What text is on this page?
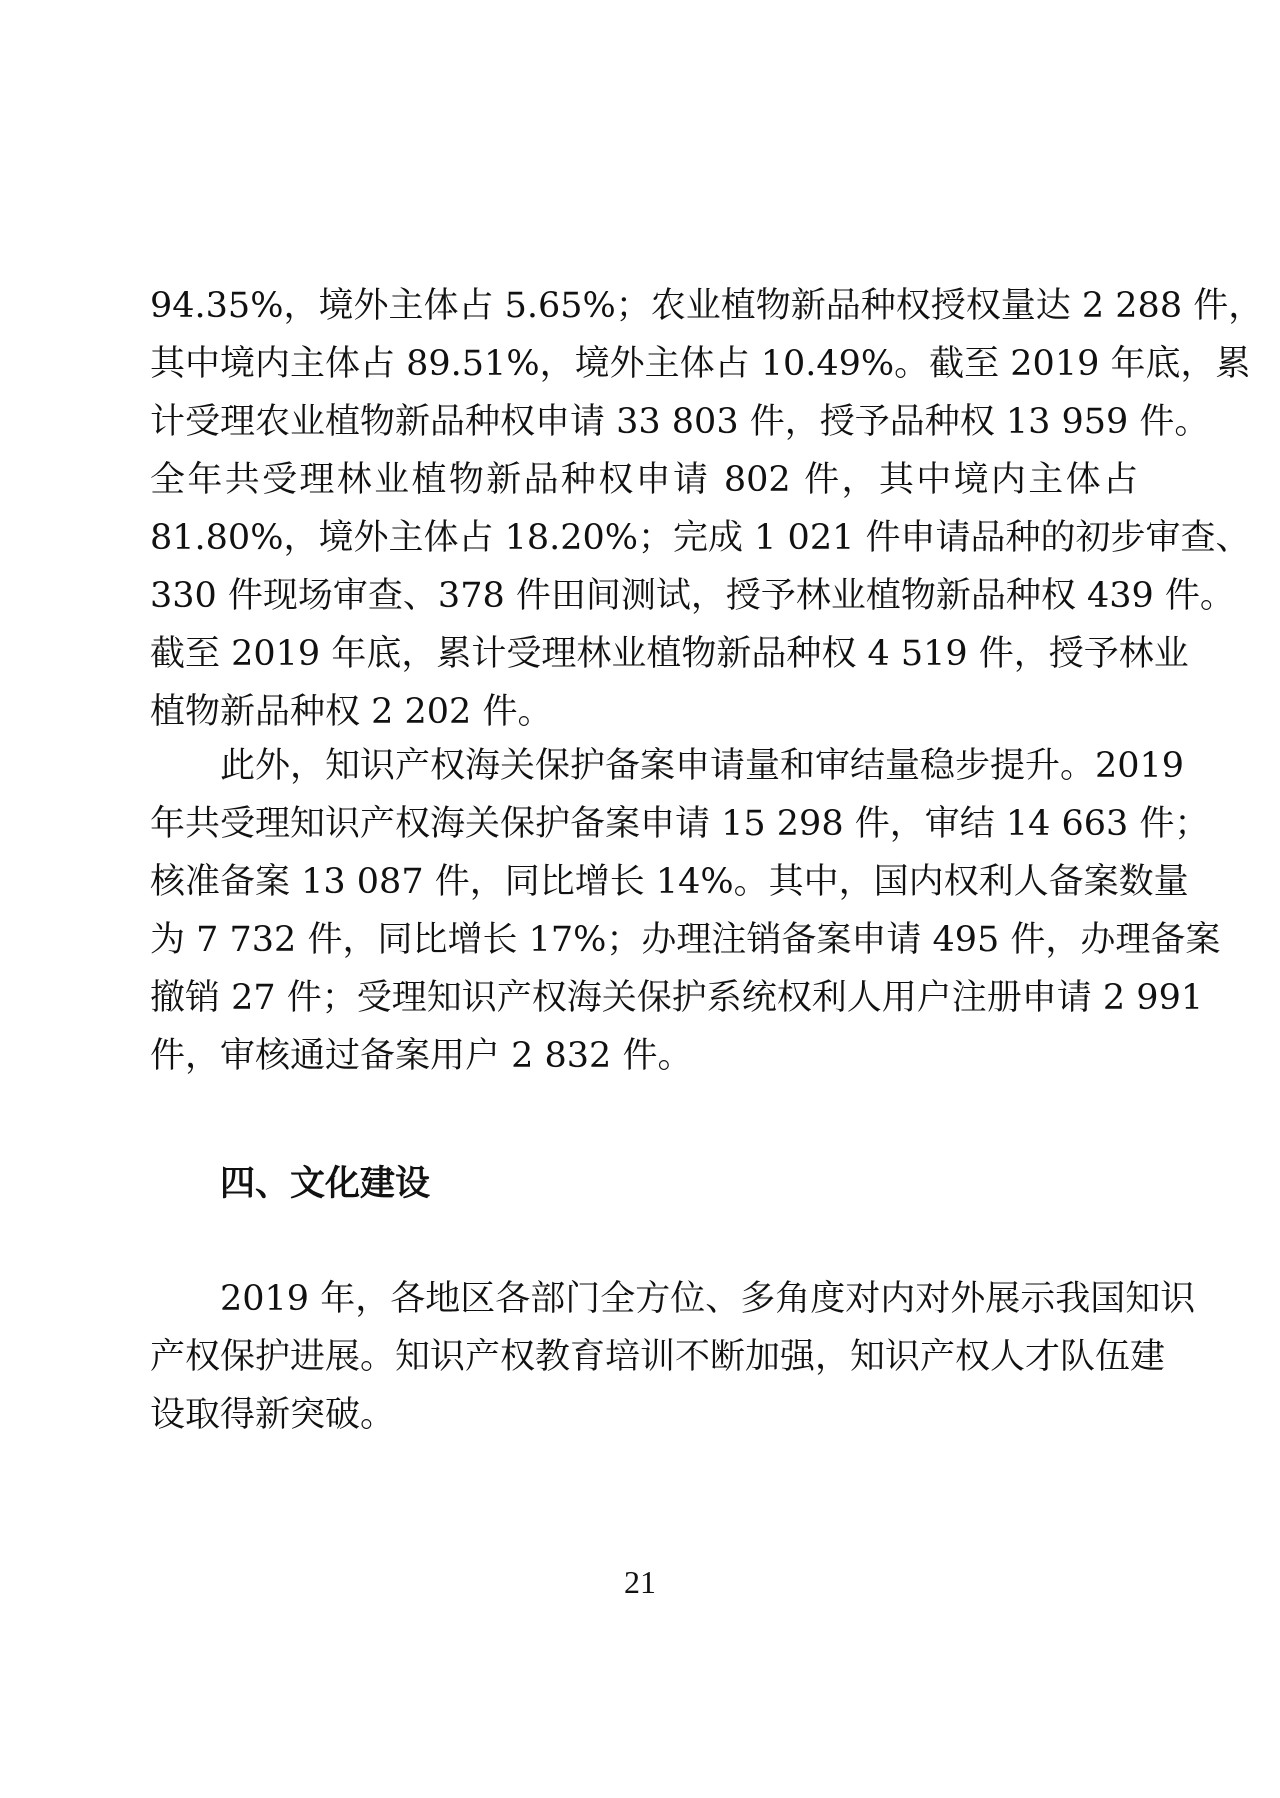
94.35%，境外主体占 5.65%；农业植物新品种权授权量达 2 288 件，
其中境内主体占 89.51%，境外主体占 10.49%。截至 2019 年底，累
计受理农业植物新品种权申请 33 803 件，授予品种权 13 959 件。
全年共受理林业植物新品种权申请 802 件，其中境内主体占
81.80%，境外主体占 18.20%；完成 1 021 件申请品种的初步审查、
330 件现场审查、378 件田间测试，授予林业植物新品种权 439 件。
截至 2019 年底，累计受理林业植物新品种权 4 519 件，授予林业
植物新品种权 2 202 件。
此外，知识产权海关保护备案申请量和审结量稳步提升。2019
年共受理知识产权海关保护备案申请 15 298 件，审结 14 663 件；
核准备案 13 087 件，同比增长 14%。其中，国内权利人备案数量
为 7 732 件，同比增长 17%；办理注销备案申请 495 件，办理备案
撤销 27 件；受理知识产权海关保护系统权利人用户注册申请 2 991
件，审核通过备案用户 2 832 件。
四、文化建设
2019 年，各地区各部门全方位、多角度对内对外展示我国知识
产权保护进展。知识产权教育培训不断加强，知识产权人才队伍建
设取得新突破。
21
